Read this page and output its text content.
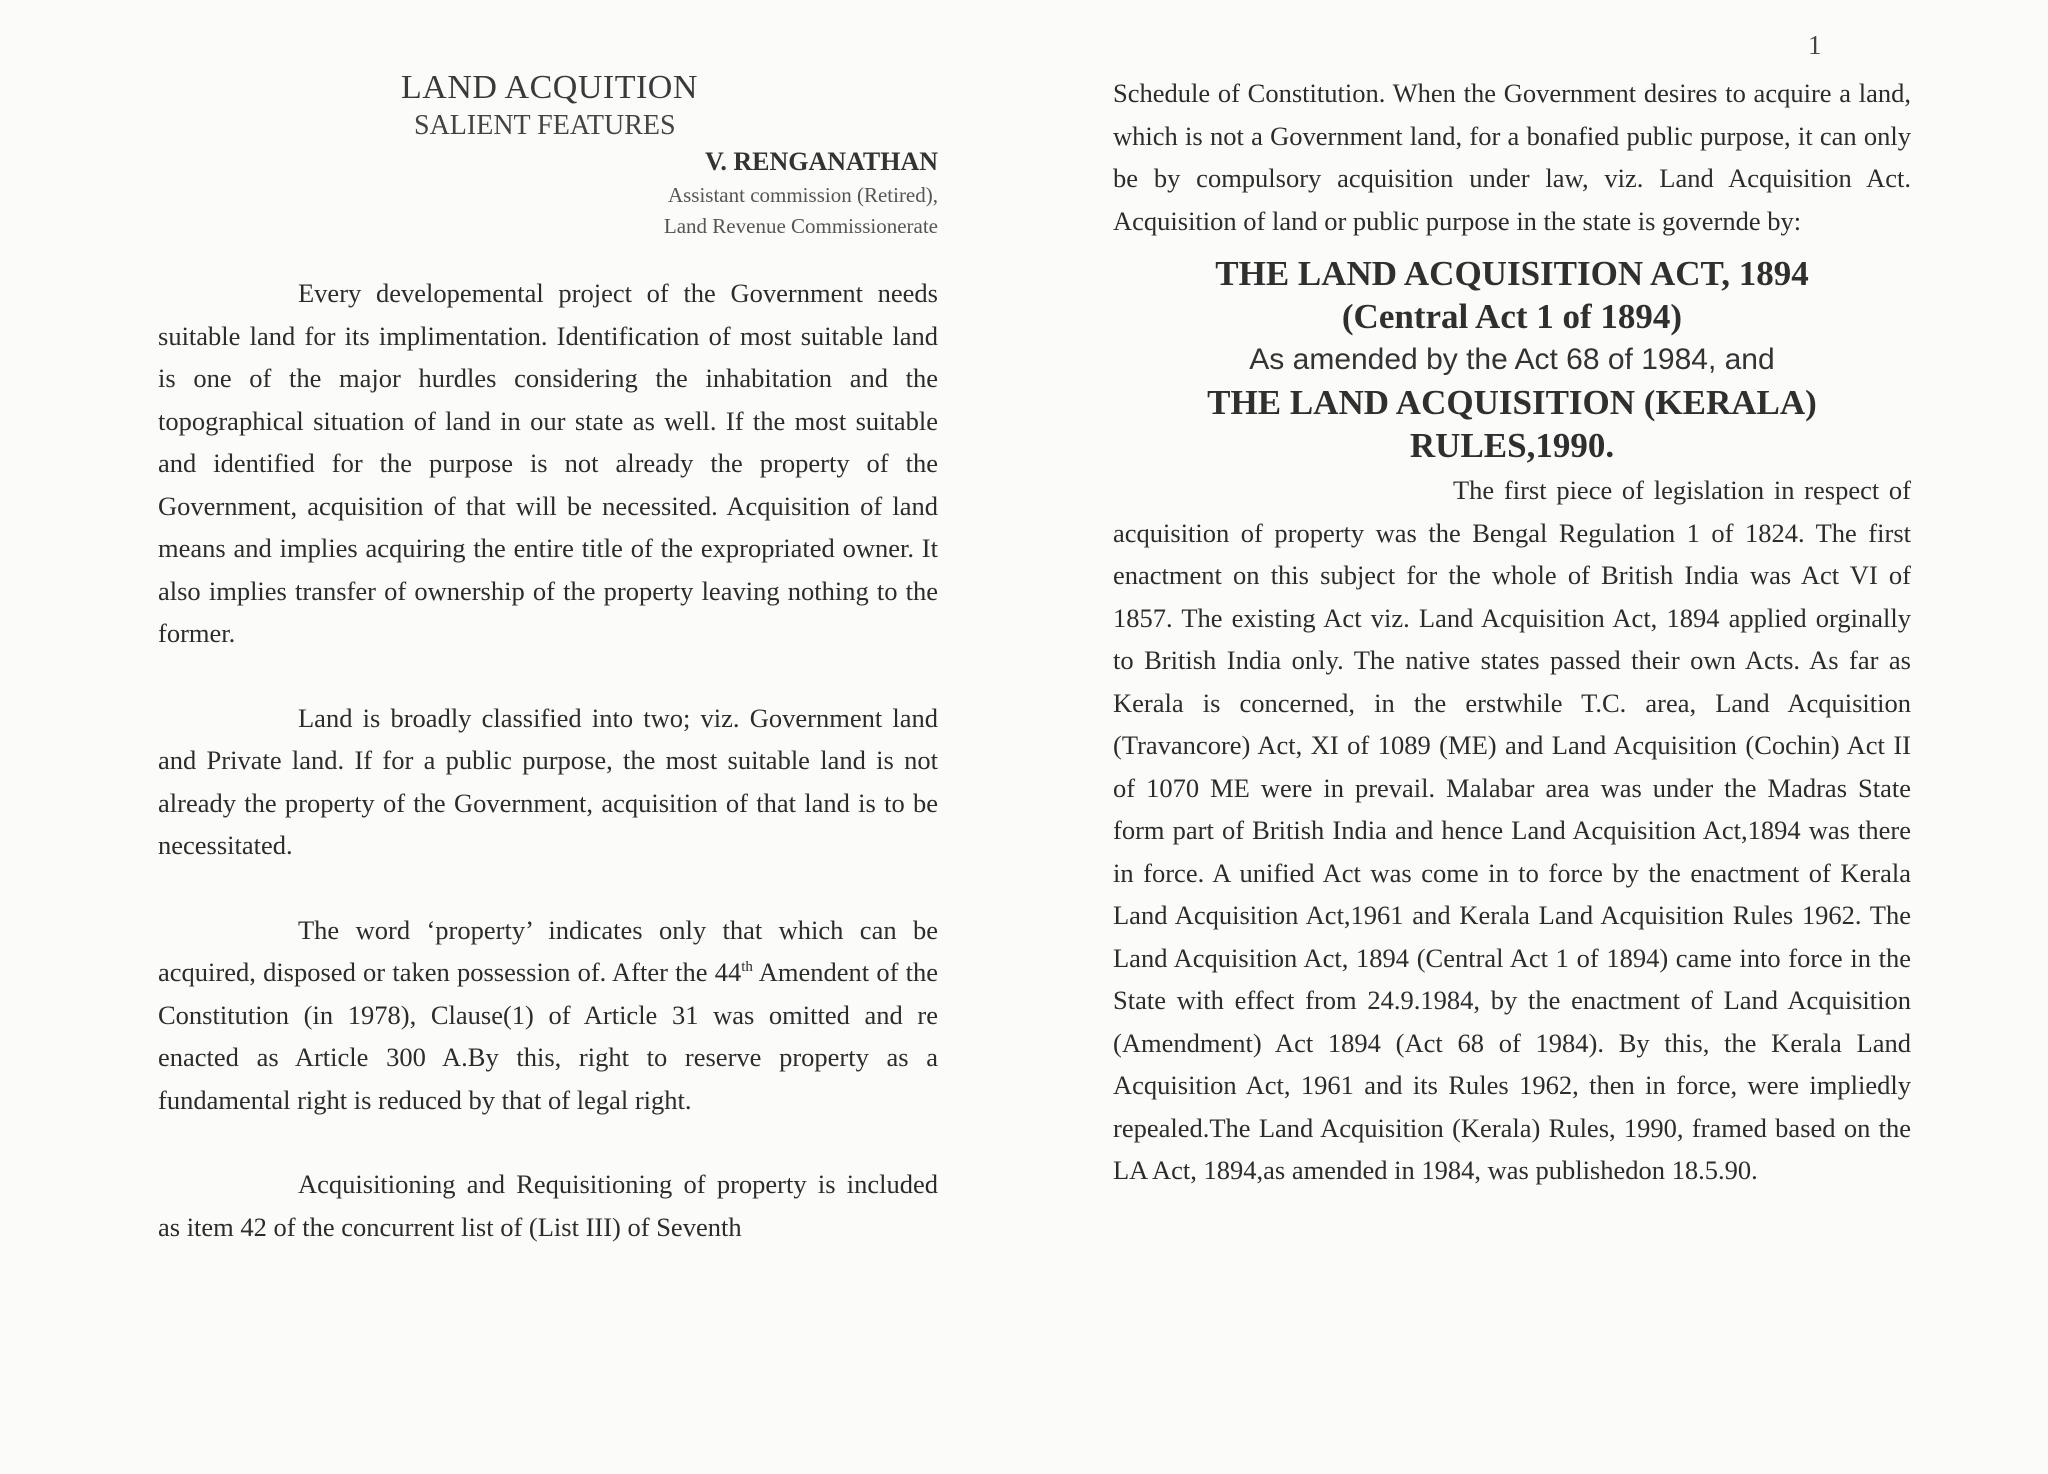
1
LAND ACQUITION
SALIENT FEATURES
V. RENGANATHAN
Assistant commission (Retired),
Land Revenue Commissionerate

Every developemental project of the Government needs suitable land for its implimentation. Identification of most suitable land is one of the major hurdles considering the inhabitation and the topographical situation of land in our state as well. If the most suitable and identified for the purpose is not already the property of the Government, acquisition of that will be necessited. Acquisition of land means and implies acquiring the entire title of the expropriated owner. It also implies transfer of ownership of the property leaving nothing to the former.

Land is broadly classified into two; viz. Government land and Private land. If for a public purpose, the most suitable land is not already the property of the Government, acquisition of that land is to be necessitated.

The word ‘property’ indicates only that which can be acquired, disposed or taken possession of. After the 44th Amendent of the Constitution (in 1978), Clause(1) of Article 31 was omitted and re enacted as Article 300 A.By this, right to reserve property as a fundamental right is reduced by that of legal right.

Acquisitioning and Requisitioning of property is included as item 42 of the concurrent list of (List III) of Seventh

Schedule of Constitution. When the Government desires to acquire a land, which is not a Government land, for a bonafied public purpose, it can only be by compulsory acquisition under law, viz. Land Acquisition Act. Acquisition of land or public purpose in the state is governde by:

THE LAND ACQUISITION ACT, 1894
(Central Act 1 of 1894)
As amended by the Act 68 of 1984, and
THE LAND ACQUISITION (KERALA)
RULES,1990.

The first piece of legislation in respect of acquisition of property was the Bengal Regulation 1 of 1824. The first enactment on this subject for the whole of British India was Act VI of 1857. The existing Act viz. Land Acquisition Act, 1894 applied orginally to British India only. The native states passed their own Acts. As far as Kerala is concerned, in the erstwhile T.C. area, Land Acquisition (Travancore) Act, XI of 1089 (ME) and Land Acquisition (Cochin) Act II of 1070 ME were in prevail. Malabar area was under the Madras State form part of British India and hence Land Acquisition Act,1894 was there in force. A unified Act was come in to force by the enactment of Kerala Land Acquisition Act,1961 and Kerala Land Acquisition Rules 1962. The Land Acquisition Act, 1894 (Central Act 1 of 1894) came into force in the State with effect from 24.9.1984, by the enactment of Land Acquisition (Amendment) Act 1894 (Act 68 of 1984). By this, the Kerala Land Acquisition Act, 1961 and its Rules 1962, then in force, were impliedly repealed.The Land Acquisition (Kerala) Rules, 1990, framed based on the LA Act, 1894,as amended in 1984, was publishedon 18.5.90.
